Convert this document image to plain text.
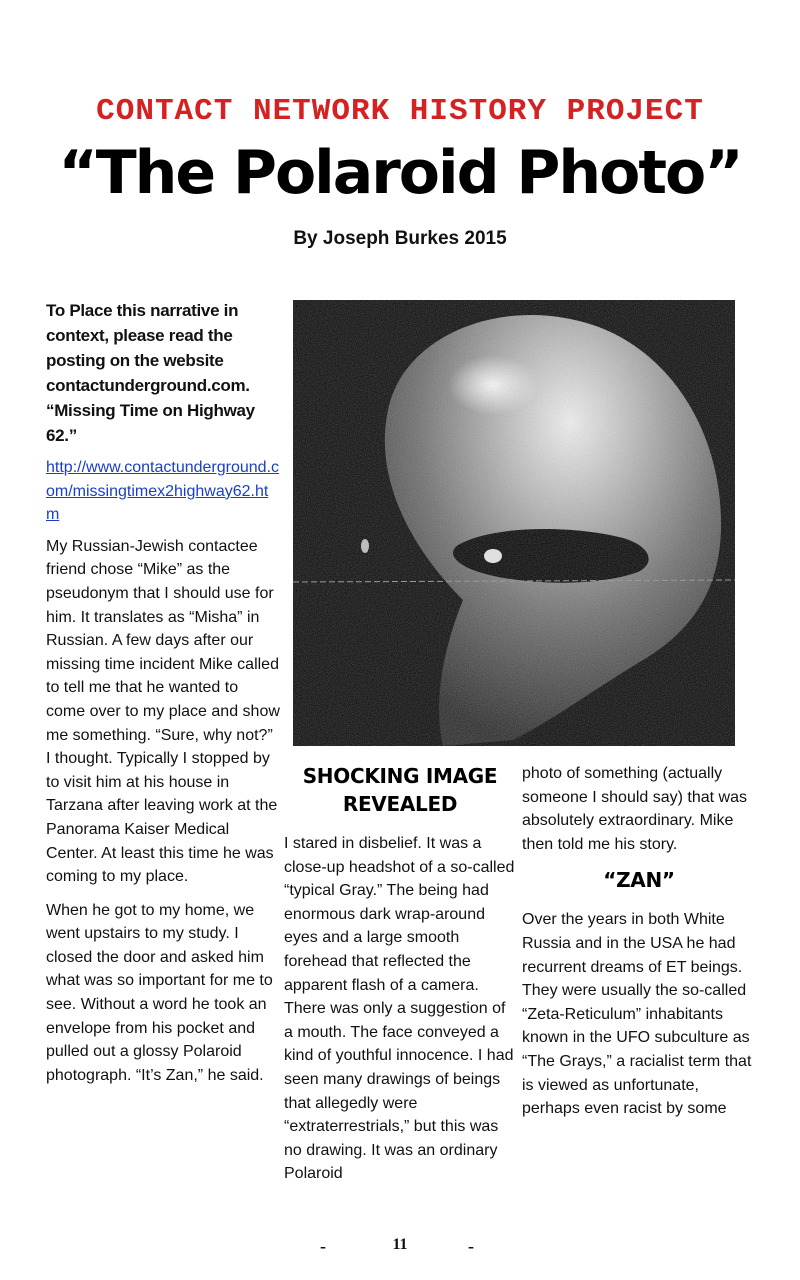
CONTACT NETWORK HISTORY PROJECT
“The Polaroid Photo”
By Joseph Burkes 2015

To Place this narrative in context, please read the posting on the website contactunderground.com. “Missing Time on Highway 62.”

http://www.contactunderground.com/missingtimex2highway62.htm

My Russian-Jewish contactee friend chose “Mike” as the pseudonym that I should use for him. It translates as “Misha” in Russian. A few days after our missing time incident Mike called to tell me that he wanted to come over to my place and show me something. “Sure, why not?” I thought. Typically I stopped by to visit him at his house in Tarzana after leaving work at the Panorama Kaiser Medical Center. At least this time he was coming to my place.

When he got to my home, we went upstairs to my study. I closed the door and asked him what was so important for me to see. Without a word he took an envelope from his pocket and pulled out a glossy Polaroid photograph. “It’s Zan,” he said.

SHOCKING IMAGE REVEALED

I stared in disbelief. It was a close-up headshot of a so-called “typical Gray.” The being had enormous dark wrap-around eyes and a large smooth forehead that reflected the apparent flash of a camera. There was only a suggestion of a mouth. The face conveyed a kind of youthful innocence. I had seen many drawings of beings that allegedly were “extraterrestrials,” but this was no drawing. It was an ordinary Polaroid

photo of something (actually someone I should say) that was absolutely extraordinary. Mike then told me his story.

“ZAN”

Over the years in both White Russia and in the USA he had recurrent dreams of ET beings. They were usually the so-called “Zeta-Reticulum” inhabitants known in the UFO subculture as “The Grays,” a racialist term that is viewed as unfortunate, perhaps even racist by some

-	11	-
